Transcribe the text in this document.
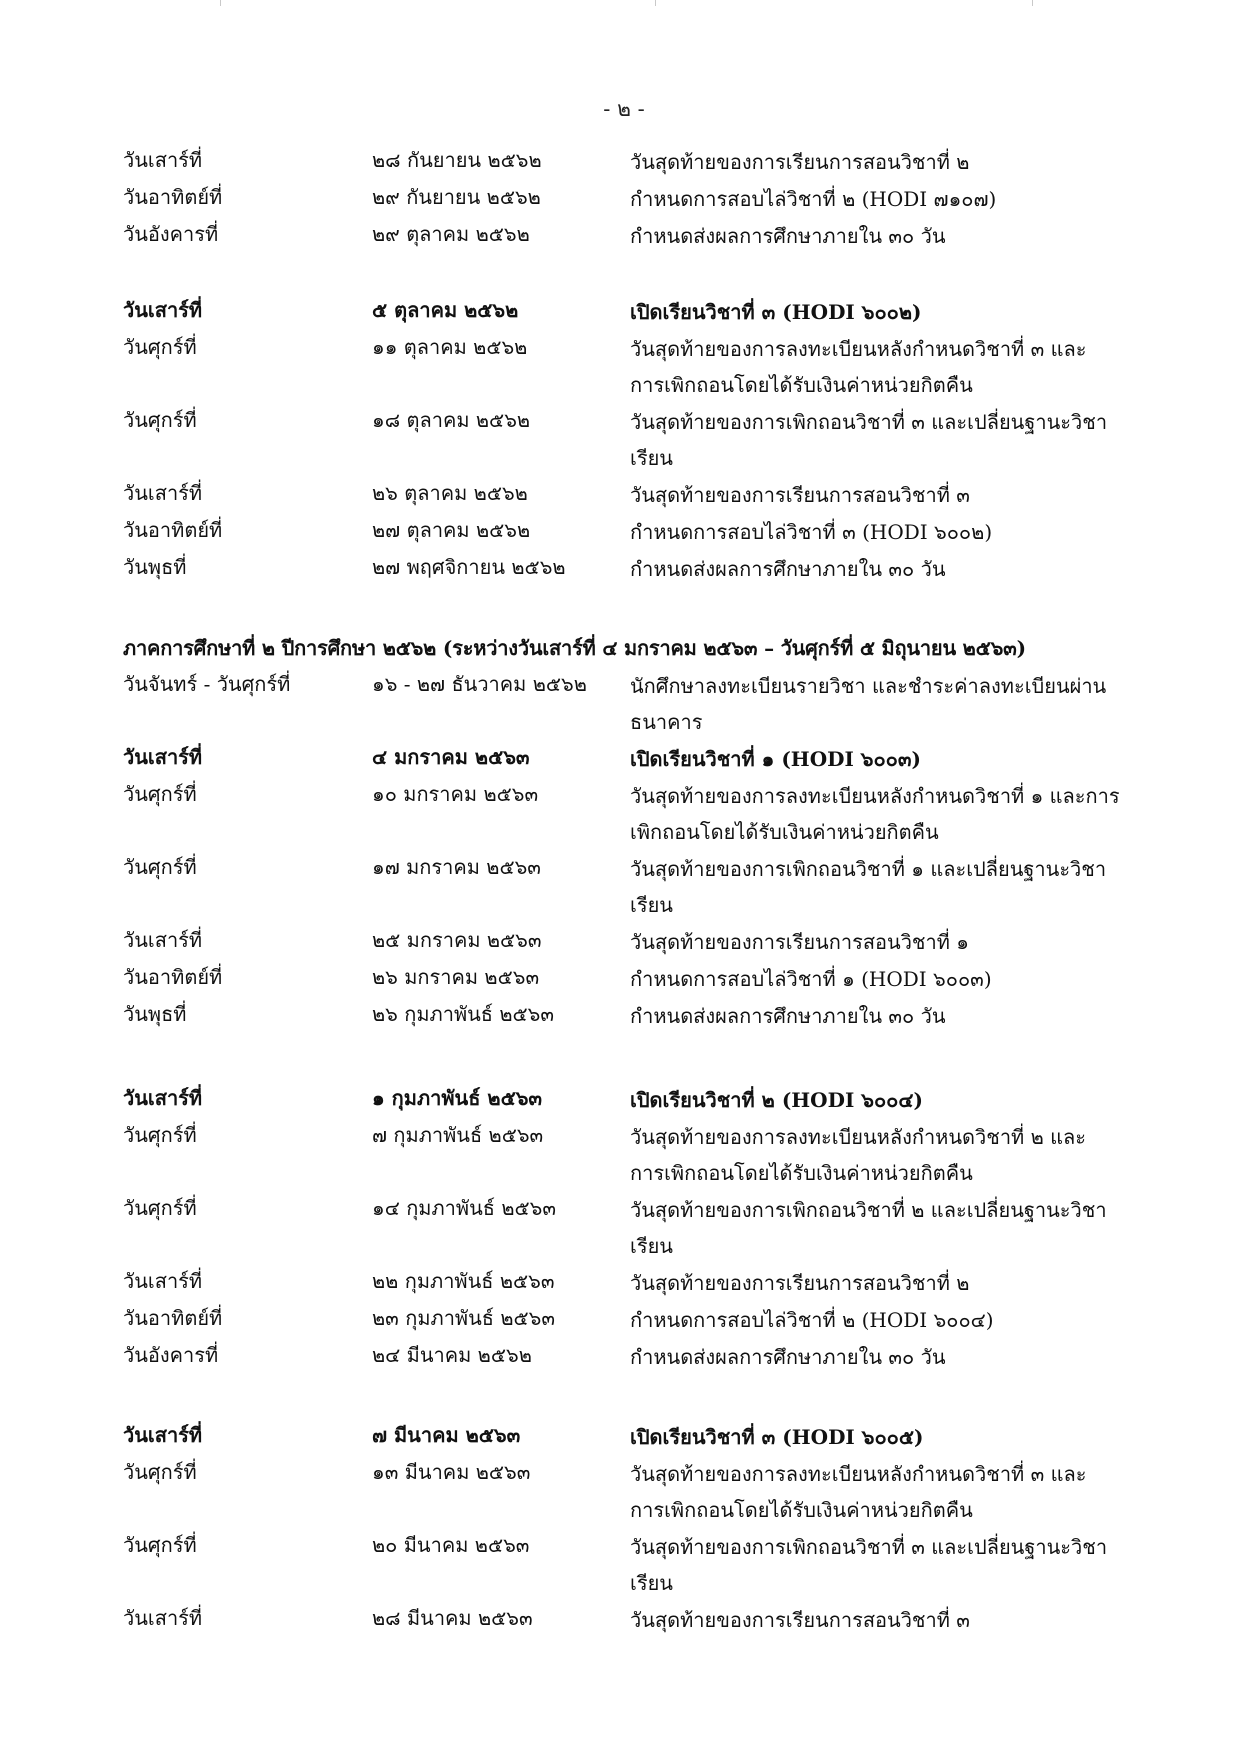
- ๒ -
วันเสาร์ที่	๒๘ กันยายน ๒๕๖๒	วันสุดท้ายของการเรียนการสอนวิชาที่ ๒
วันอาทิตย์ที่	๒๙ กันยายน ๒๕๖๒	กำหนดการสอบไล่วิชาที่ ๒ (HODI ๗๑๐๗)
วันอังคารที่	๒๙ ตุลาคม ๒๕๖๒	กำหนดส่งผลการศึกษาภายใน ๓๐ วัน
วันเสาร์ที่	๕ ตุลาคม ๒๕๖๒	เปิดเรียนวิชาที่ ๓ (HODI ๖๐๐๒)
วันศุกร์ที่	๑๑ ตุลาคม ๒๕๖๒	วันสุดท้ายของการลงทะเบียนหลังกำหนดวิชาที่ ๓ และการเพิกถอนโดยได้รับเงินค่าหน่วยกิตคืน
วันศุกร์ที่	๑๘ ตุลาคม ๒๕๖๒	วันสุดท้ายของการเพิกถอนวิชาที่ ๓ และเปลี่ยนฐานะวิชาเรียน
วันเสาร์ที่	๒๖ ตุลาคม ๒๕๖๒	วันสุดท้ายของการเรียนการสอนวิชาที่ ๓
วันอาทิตย์ที่	๒๗ ตุลาคม ๒๕๖๒	กำหนดการสอบไล่วิชาที่ ๓ (HODI ๖๐๐๒)
วันพุธที่	๒๗ พฤศจิกายน ๒๕๖๒	กำหนดส่งผลการศึกษาภายใน ๓๐ วัน
ภาคการศึกษาที่ ๒ ปีการศึกษา ๒๕๖๒ (ระหว่างวันเสาร์ที่ ๔ มกราคม ๒๕๖๓ – วันศุกร์ที่ ๕ มิถุนายน ๒๕๖๓)
วันจันทร์ - วันศุกร์ที่	๑๖ - ๒๗ ธันวาคม ๒๕๖๒ นักศึกษาลงทะเบียนรายวิชา และชำระค่าลงทะเบียนผ่านธนาคาร
วันเสาร์ที่	๔ มกราคม ๒๕๖๓	เปิดเรียนวิชาที่ ๑ (HODI ๖๐๐๓)
วันศุกร์ที่	๑๐ มกราคม ๒๕๖๓	วันสุดท้ายของการลงทะเบียนหลังกำหนดวิชาที่ ๑ และการเพิกถอนโดยได้รับเงินค่าหน่วยกิตคืน
วันศุกร์ที่	๑๗ มกราคม ๒๕๖๓	วันสุดท้ายของการเพิกถอนวิชาที่ ๑ และเปลี่ยนฐานะวิชาเรียน
วันเสาร์ที่	๒๕ มกราคม ๒๕๖๓	วันสุดท้ายของการเรียนการสอนวิชาที่ ๑
วันอาทิตย์ที่	๒๖ มกราคม ๒๕๖๓	กำหนดการสอบไล่วิชาที่ ๑ (HODI ๖๐๐๓)
วันพุธที่	๒๖ กุมภาพันธ์ ๒๕๖๓	กำหนดส่งผลการศึกษาภายใน ๓๐ วัน
วันเสาร์ที่	๑ กุมภาพันธ์ ๒๕๖๓	เปิดเรียนวิชาที่ ๒ (HODI ๖๐๐๔)
วันศุกร์ที่	๗ กุมภาพันธ์ ๒๕๖๓	วันสุดท้ายของการลงทะเบียนหลังกำหนดวิชาที่ ๒ และการเพิกถอนโดยได้รับเงินค่าหน่วยกิตคืน
วันศุกร์ที่	๑๔ กุมภาพันธ์ ๒๕๖๓	วันสุดท้ายของการเพิกถอนวิชาที่ ๒ และเปลี่ยนฐานะวิชาเรียน
วันเสาร์ที่	๒๒ กุมภาพันธ์ ๒๕๖๓	วันสุดท้ายของการเรียนการสอนวิชาที่ ๒
วันอาทิตย์ที่	๒๓ กุมภาพันธ์ ๒๕๖๓	กำหนดการสอบไล่วิชาที่ ๒ (HODI ๖๐๐๔)
วันอังคารที่	๒๔ มีนาคม ๒๕๖๒	กำหนดส่งผลการศึกษาภายใน ๓๐ วัน
วันเสาร์ที่	๗ มีนาคม ๒๕๖๓	เปิดเรียนวิชาที่ ๓ (HODI ๖๐๐๕)
วันศุกร์ที่	๑๓ มีนาคม ๒๕๖๓	วันสุดท้ายของการลงทะเบียนหลังกำหนดวิชาที่ ๓ และการเพิกถอนโดยได้รับเงินค่าหน่วยกิตคืน
วันศุกร์ที่	๒๐ มีนาคม ๒๕๖๓	วันสุดท้ายของการเพิกถอนวิชาที่ ๓ และเปลี่ยนฐานะวิชาเรียน
วันเสาร์ที่	๒๘ มีนาคม ๒๕๖๓	วันสุดท้ายของการเรียนการสอนวิชาที่ ๓
